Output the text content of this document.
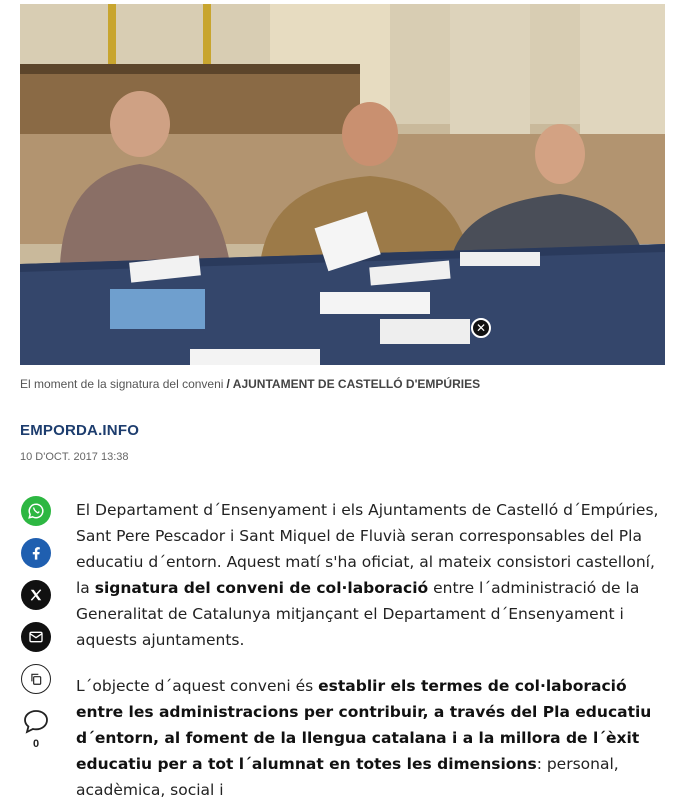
✕
El moment de la signatura del conveni / AJUNTAMENT DE CASTELLÓ D'EMPÚRIES
EMPORDA.INFO
10 D'OCT. 2017 13:38
0

El Departament d´Ensenyament i els Ajuntaments de Castelló d´Empúries, Sant Pere Pescador i Sant Miquel de Fluvià seran corresponsables del Pla educatiu d´entorn. Aquest matí s'ha oficiat, al mateix consistori castelloní, la signatura del conveni de col·laboració entre l´administració de la Generalitat de Catalunya mitjançant el Departament d´Ensenyament i aquests ajuntaments.

L´objecte d´aquest conveni és establir els termes de col·laboració entre les administracions per contribuir, a través del Pla educatiu d´entorn, al foment de la llengua catalana i a la millora de l´èxit educatiu per a tot l´alumnat en totes les dimensions: personal, acadèmica, social i
